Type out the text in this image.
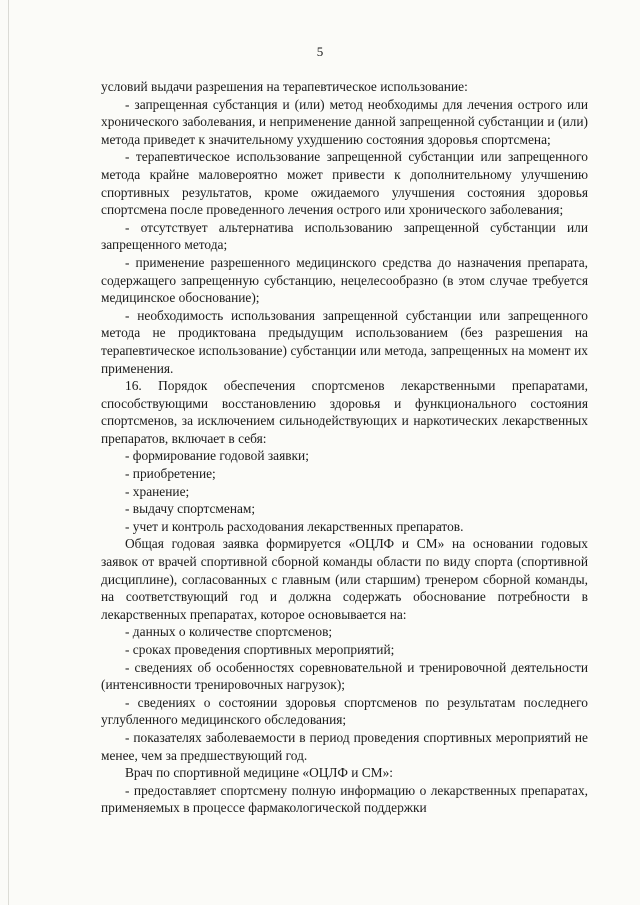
5

условий выдачи разрешения на терапевтическое использование:

- запрещенная субстанция и (или) метод необходимы для лечения острого или хронического заболевания, и неприменение данной запрещенной субстанции и (или) метода приведет к значительному ухудшению состояния здоровья спортсмена;

- терапевтическое использование запрещенной субстанции или запрещенного метода крайне маловероятно может привести к дополнительному улучшению спортивных результатов, кроме ожидаемого улучшения состояния здоровья спортсмена после проведенного лечения острого или хронического заболевания;

- отсутствует альтернатива использованию запрещенной субстанции или запрещенного метода;

- применение разрешенного медицинского средства до назначения препарата, содержащего запрещенную субстанцию, нецелесообразно (в этом случае требуется медицинское обоснование);

- необходимость использования запрещенной субстанции или запрещенного метода не продиктована предыдущим использованием (без разрешения на терапевтическое использование) субстанции или метода, запрещенных на момент их применения.

16. Порядок обеспечения спортсменов лекарственными препаратами, способствующими восстановлению здоровья и функционального состояния спортсменов, за исключением сильнодействующих и наркотических лекарственных препаратов, включает в себя:

- формирование годовой заявки;

- приобретение;

- хранение;

- выдачу спортсменам;

- учет и контроль расходования лекарственных препаратов.

Общая годовая заявка формируется «ОЦЛФ и СМ» на основании годовых заявок от врачей спортивной сборной команды области по виду спорта (спортивной дисциплине), согласованных с главным (или старшим) тренером сборной команды, на соответствующий год и должна содержать обоснование потребности в лекарственных препаратах, которое основывается на:

- данных о количестве спортсменов;

- сроках проведения спортивных мероприятий;

- сведениях об особенностях соревновательной и тренировочной деятельности (интенсивности тренировочных нагрузок);

- сведениях о состоянии здоровья спортсменов по результатам последнего углубленного медицинского обследования;

- показателях заболеваемости в период проведения спортивных мероприятий не менее, чем за предшествующий год.

Врач по спортивной медицине «ОЦЛФ и СМ»:

- предоставляет спортсмену полную информацию о лекарственных препаратах, применяемых в процессе фармакологической поддержки
